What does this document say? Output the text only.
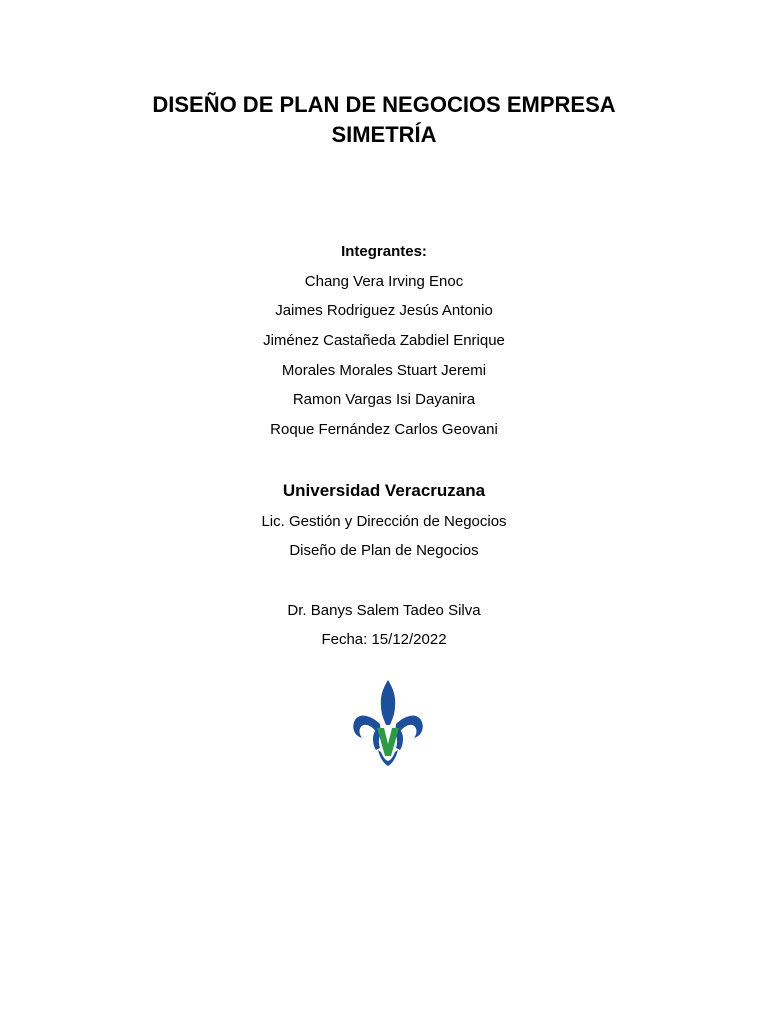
DISEÑO DE PLAN DE NEGOCIOS EMPRESA
SIMETRÍA
Integrantes:
Chang Vera Irving Enoc
Jaimes Rodriguez Jesús Antonio
Jiménez Castañeda Zabdiel Enrique
Morales Morales Stuart Jeremi
Ramon Vargas Isi Dayanira
Roque Fernández Carlos Geovani
Universidad Veracruzana
Lic. Gestión y Dirección de Negocios
Diseño de Plan de Negocios
Dr. Banys Salem Tadeo Silva
Fecha: 15/12/2022
